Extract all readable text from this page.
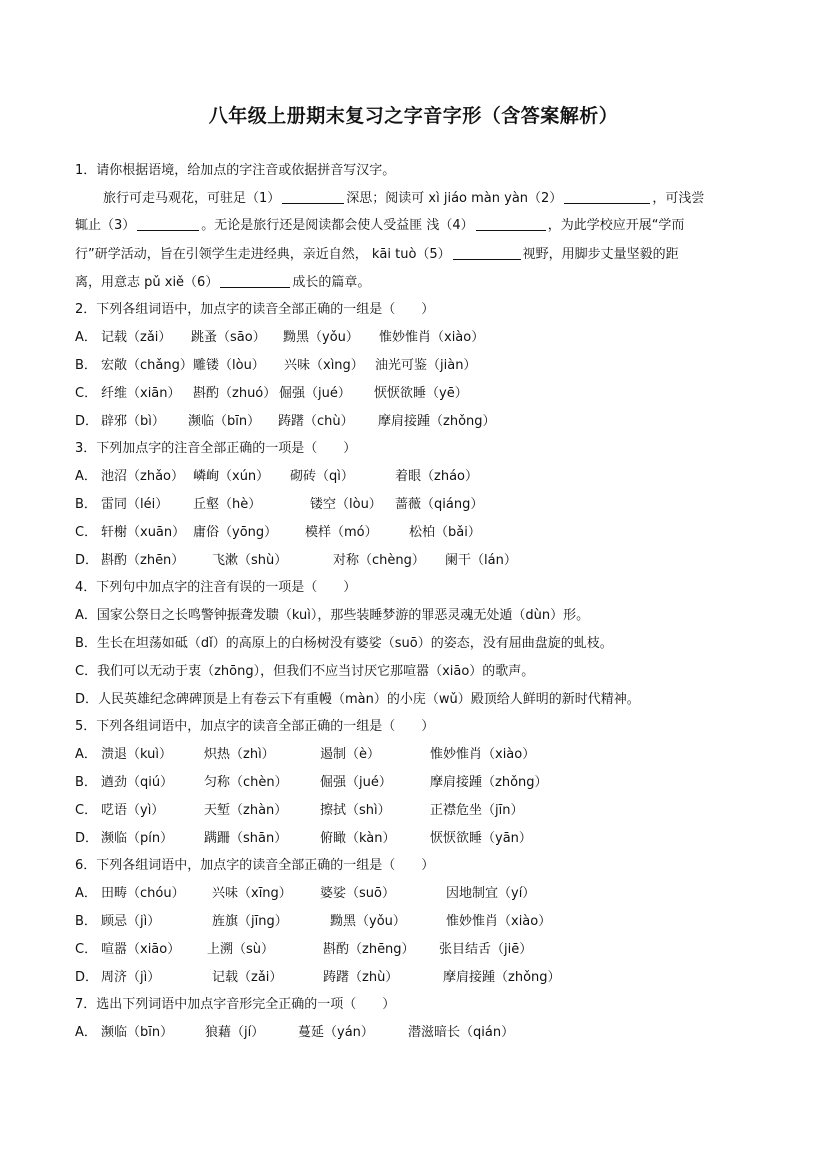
八年级上册期末复习之字音字形（含答案解析）
1．请你根据语境，给加点的字注音或依据拼音写汉字。
旅行可走马观花，可驻足（1）	深思；阅读可 xì jiáo màn yàn（2）	，可浅尝
辄止（3）	。无论是旅行还是阅读都会使人受益匪 浅（4）	，为此学校应开展“学而
行”研学活动，旨在引领学生走进经典，亲近自然， kāi tuò（5）	视野，用脚步丈量坚毅的距
离，用意志 pǔ xiě（6）	成长的篇章。
2．下列各组词语中，加点字的读音全部正确的一组是（　　）
A． 记载（zǎi）	跳蚤（sāo）	黝黑（yǒu）	惟妙惟肖（xiào）
B． 宏敞（chǎng） 雕镂（lòu）	兴味（xìng） 油光可鉴（jiàn）
C． 纤维（xiān） 斟酌（zhuó） 倔强（jué）	恹恹欲睡（yē）
D． 辟邪（bì）	濒临（bīn）	踌躇（chù）	摩肩接踵（zhǒng）
3．下列加点字的注音全部正确的一项是（　　）
A． 池沼（zhǎo） 嶙峋（xún）	砌砖（qì）	着眼（zháo）
B． 雷同（léi）	丘壑（hè）	镂空（lòu）	蔷薇（qiáng）
C． 轩榭（xuān） 庸俗（yōng）	模样（mó）	松柏（bǎi）
D． 斟酌（zhēn）	飞漱（shù）	对称（chèng）	阑干（lán）
4．下列句中加点字的注音有误的一项是（　　）
A．国家公祭日之长鸣警钟振聋发聩（kuì），那些装睡梦游的罪恶灵魂无处遁（dùn）形。
B．生长在坦荡如砥（dǐ）的高原上的白杨树没有婆娑（suō）的姿态，没有屈曲盘旋的虬枝。
C．我们可以无动于衷（zhōng），但我们不应当讨厌它那喧嚣（xiāo）的歌声。
D．人民英雄纪念碑碑顶是上有卷云下有重幔（màn）的小庑（wǔ）殿顶给人鲜明的新时代精神。
5．下列各组词语中，加点字的读音全部正确的一组是（　　）
A． 溃退（kuì）	炽热（zhì）	遏制（è）	惟妙惟肖（xiào）
B． 遒劲（qiú）	匀称（chèn）	倔强（jué）	摩肩接踵（zhǒng）
C． 呓语（yì）	天堑（zhàn）	擦拭（shì）	正襟危坐（jīn）
D． 濒临（pín）	蹒跚（shān）	俯瞰（kàn）	恹恹欲睡（yān）
6．下列各组词语中，加点字的读音全部正确的一组是（　　）
A． 田畴（chóu）	兴味（xīng）	婆娑（suō）	因地制宜（yí）
B． 顾忌（jì）	旌旗（jīng）	黝黑（yǒu）	惟妙惟肖（xiào）
C． 喧嚣（xiāo）	上溯（sù）	斟酌（zhēng）	张目结舌（jiē）
D． 周济（jì）	记载（zǎi）	踌躇（zhù）	摩肩接踵（zhǒng）
7．选出下列词语中加点字音形完全正确的一项（　　）
A． 濒临（bīn）	狼藉（jí）	蔓延（yán）	潜滋暗长（qián）
